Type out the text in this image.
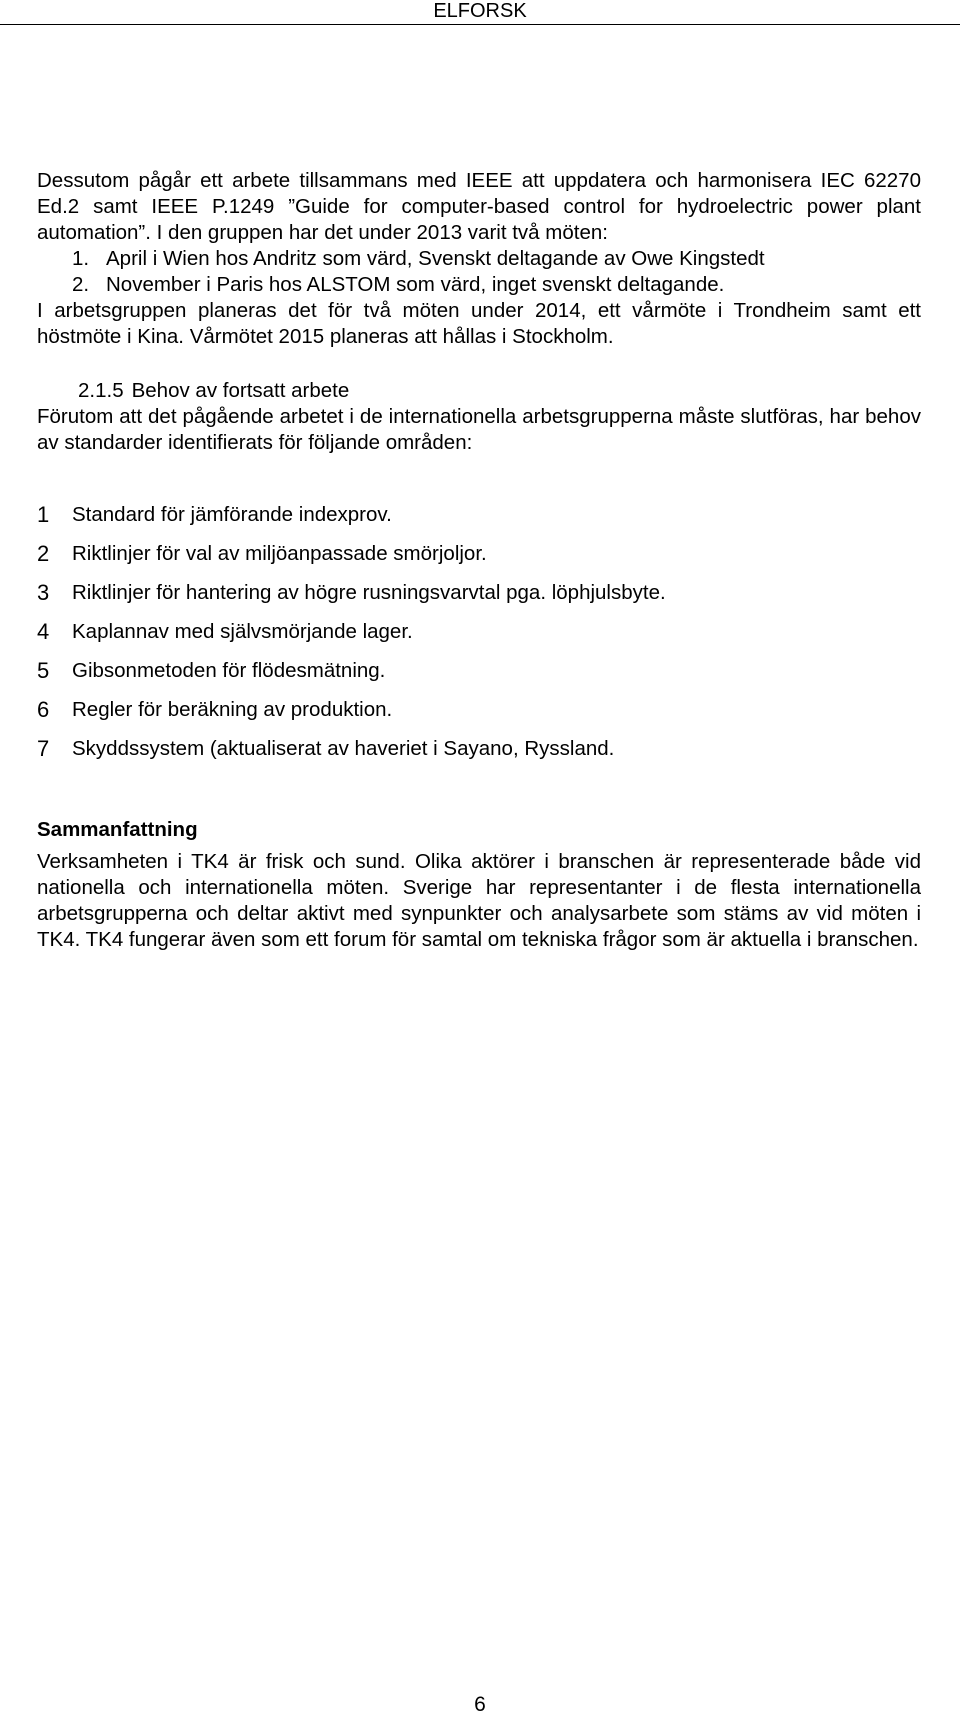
ELFORSK

Dessutom pågår ett arbete tillsammans med IEEE att uppdatera och harmonisera IEC 62270 Ed.2 samt IEEE P.1249 ”Guide for computer-based control for hydroelectric power plant automation”. I den gruppen har det under 2013 varit två möten:

1. April i Wien hos Andritz som värd, Svenskt deltagande av Owe Kingstedt
2. November i Paris hos ALSTOM som värd, inget svenskt deltagande.

I arbetsgruppen planeras det för två möten under 2014, ett vårmöte i Trondheim samt ett höstmöte i Kina. Vårmötet 2015 planeras att hållas i Stockholm.

2.1.5 Behov av fortsatt arbete

Förutom att det pågående arbetet i de internationella arbetsgrupperna måste slutföras, har behov av standarder identifierats för följande områden:

1	Standard för jämförande indexprov.
2	Riktlinjer för val av miljöanpassade smörjoljor.
3	Riktlinjer för hantering av högre rusningsvarvtal pga. löphjulsbyte.
4	Kaplannav med självsmörjande lager.
5	Gibsonmetoden för flödesmätning.
6	Regler för beräkning av produktion.
7	Skyddssystem (aktualiserat av haveriet i Sayano, Ryssland.
Sammanfattning

Verksamheten i TK4 är frisk och sund. Olika aktörer i branschen är representerade både vid nationella och internationella möten. Sverige har representanter i de flesta internationella arbetsgrupperna och deltar aktivt med synpunkter och analysarbete som stäms av vid möten i TK4. TK4 fungerar även som ett forum för samtal om tekniska frågor som är aktuella i branschen.

6
